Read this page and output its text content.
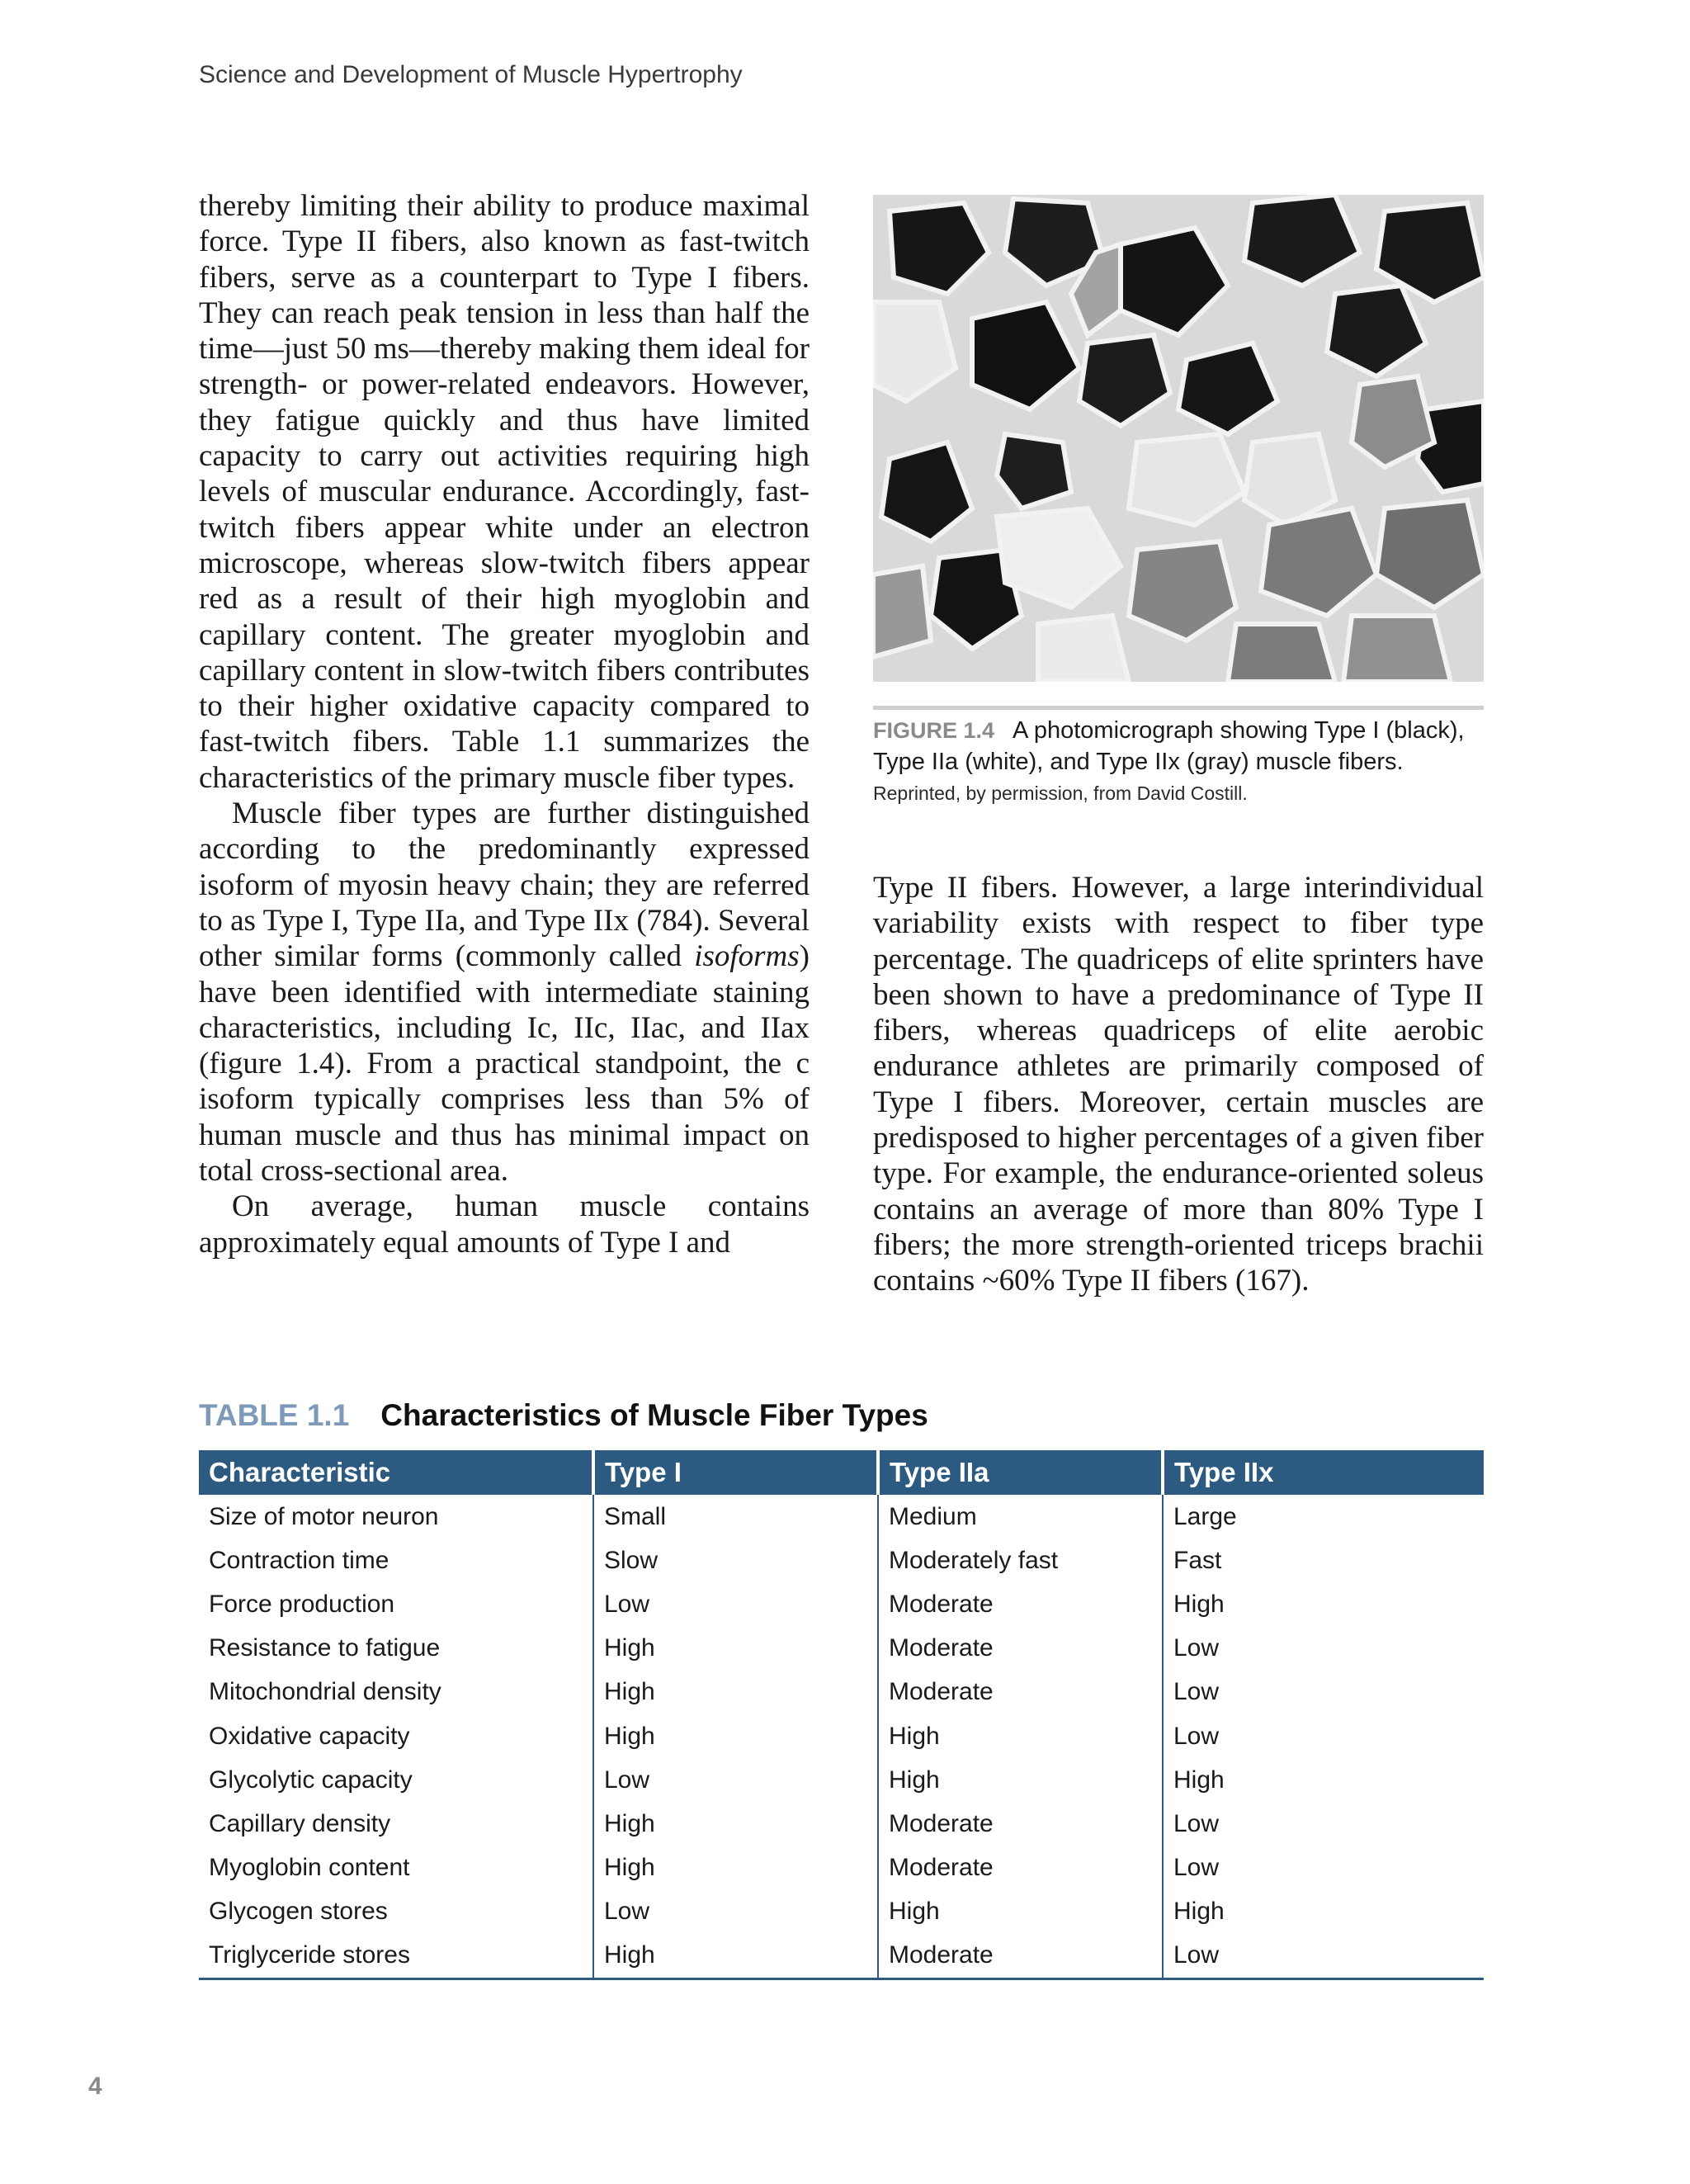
Science and Development of Muscle Hypertrophy

thereby limiting their ability to produce maximal force. Type II fibers, also known as fast-twitch fibers, serve as a counterpart to Type I fibers. They can reach peak tension in less than half the time—just 50 ms—thereby making them ideal for strength- or power-related endeavors. However, they fatigue quickly and thus have limited capacity to carry out activities requiring high levels of muscular endurance. Accordingly, fast-twitch fibers appear white under an electron microscope, whereas slow-twitch fibers appear red as a result of their high myoglobin and capillary content. The greater myoglobin and capillary content in slow-twitch fibers contributes to their higher oxidative capacity compared to fast-twitch fibers. Table 1.1 summarizes the characteristics of the primary muscle fiber types.

Muscle fiber types are further distinguished according to the predominantly expressed isoform of myosin heavy chain; they are referred to as Type I, Type IIa, and Type IIx (784). Several other similar forms (commonly called isoforms) have been identified with intermediate staining characteristics, including Ic, IIc, IIac, and IIax (figure 1.4). From a practical standpoint, the c isoform typically comprises less than 5% of human muscle and thus has minimal impact on total cross-sectional area.

On average, human muscle contains approximately equal amounts of Type I and

FIGURE 1.4 A photomicrograph showing Type I (black), Type IIa (white), and Type IIx (gray) muscle fibers.
Reprinted, by permission, from David Costill.

Type II fibers. However, a large interindividual variability exists with respect to fiber type percentage. The quadriceps of elite sprinters have been shown to have a predominance of Type II fibers, whereas quadriceps of elite aerobic endurance athletes are primarily composed of Type I fibers. Moreover, certain muscles are predisposed to higher percentages of a given fiber type. For example, the endurance-oriented soleus contains an average of more than 80% Type I fibers; the more strength-oriented triceps brachii contains ~60% Type II fibers (167).

TABLE 1.1 Characteristics of Muscle Fiber Types
Characteristic	Type I	Type IIa	Type IIx
Size of motor neuron	Small	Medium	Large
Contraction time	Slow	Moderately fast	Fast
Force production	Low	Moderate	High
Resistance to fatigue	High	Moderate	Low
Mitochondrial density	High	Moderate	Low
Oxidative capacity	High	High	Low
Glycolytic capacity	Low	High	High
Capillary density	High	Moderate	Low
Myoglobin content	High	Moderate	Low
Glycogen stores	Low	High	High
Triglyceride stores	High	Moderate	Low
4
